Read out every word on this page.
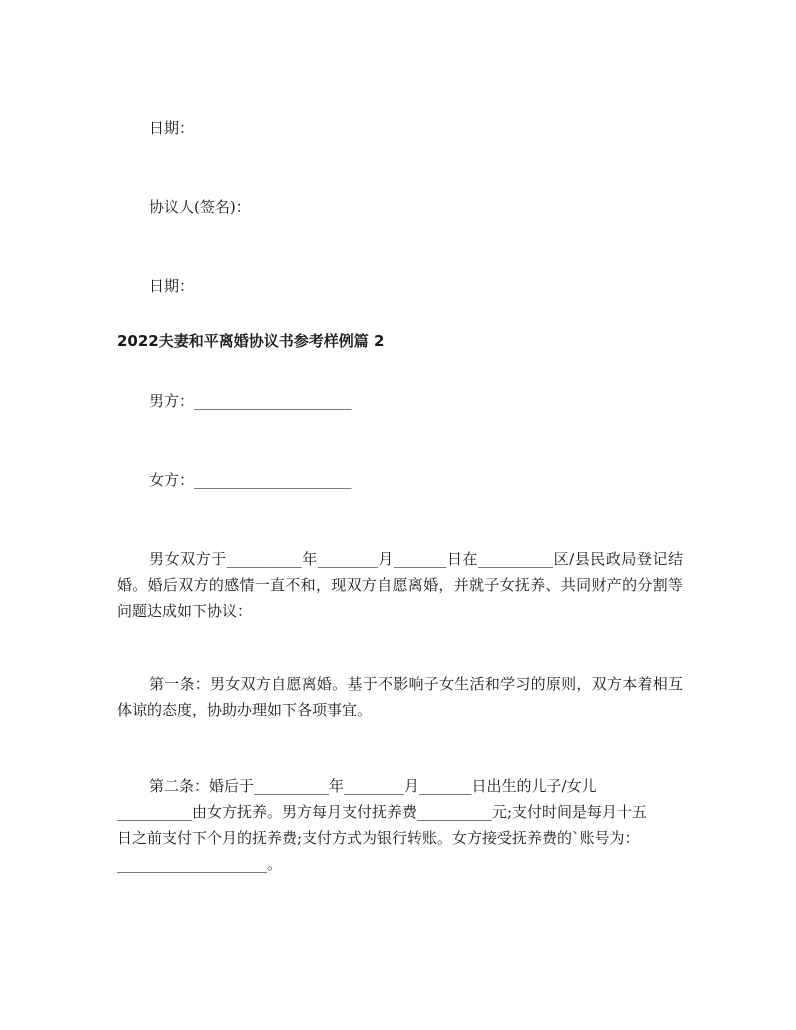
日期：
协议人(签名)：
日期：
2022夫妻和平离婚协议书参考样例篇 2
男方：_____________________
女方：_____________________
男女双方于__________年________月_______日在__________区/县民政局登记结婚。婚后双方的感情一直不和，现双方自愿离婚，并就子女抚养、共同财产的分割等问题达成如下协议：
第一条：男女双方自愿离婚。基于不影响子女生活和学习的原则，双方本着相互体谅的态度，协助办理如下各项事宜。
第二条：婚后于__________年________月_______日出生的儿子/女儿
__________由女方抚养。男方每月支付抚养费__________元;支付时间是每月十五
日之前支付下个月的抚养费;支付方式为银行转账。女方接受抚养费的`账号为：
____________________。
